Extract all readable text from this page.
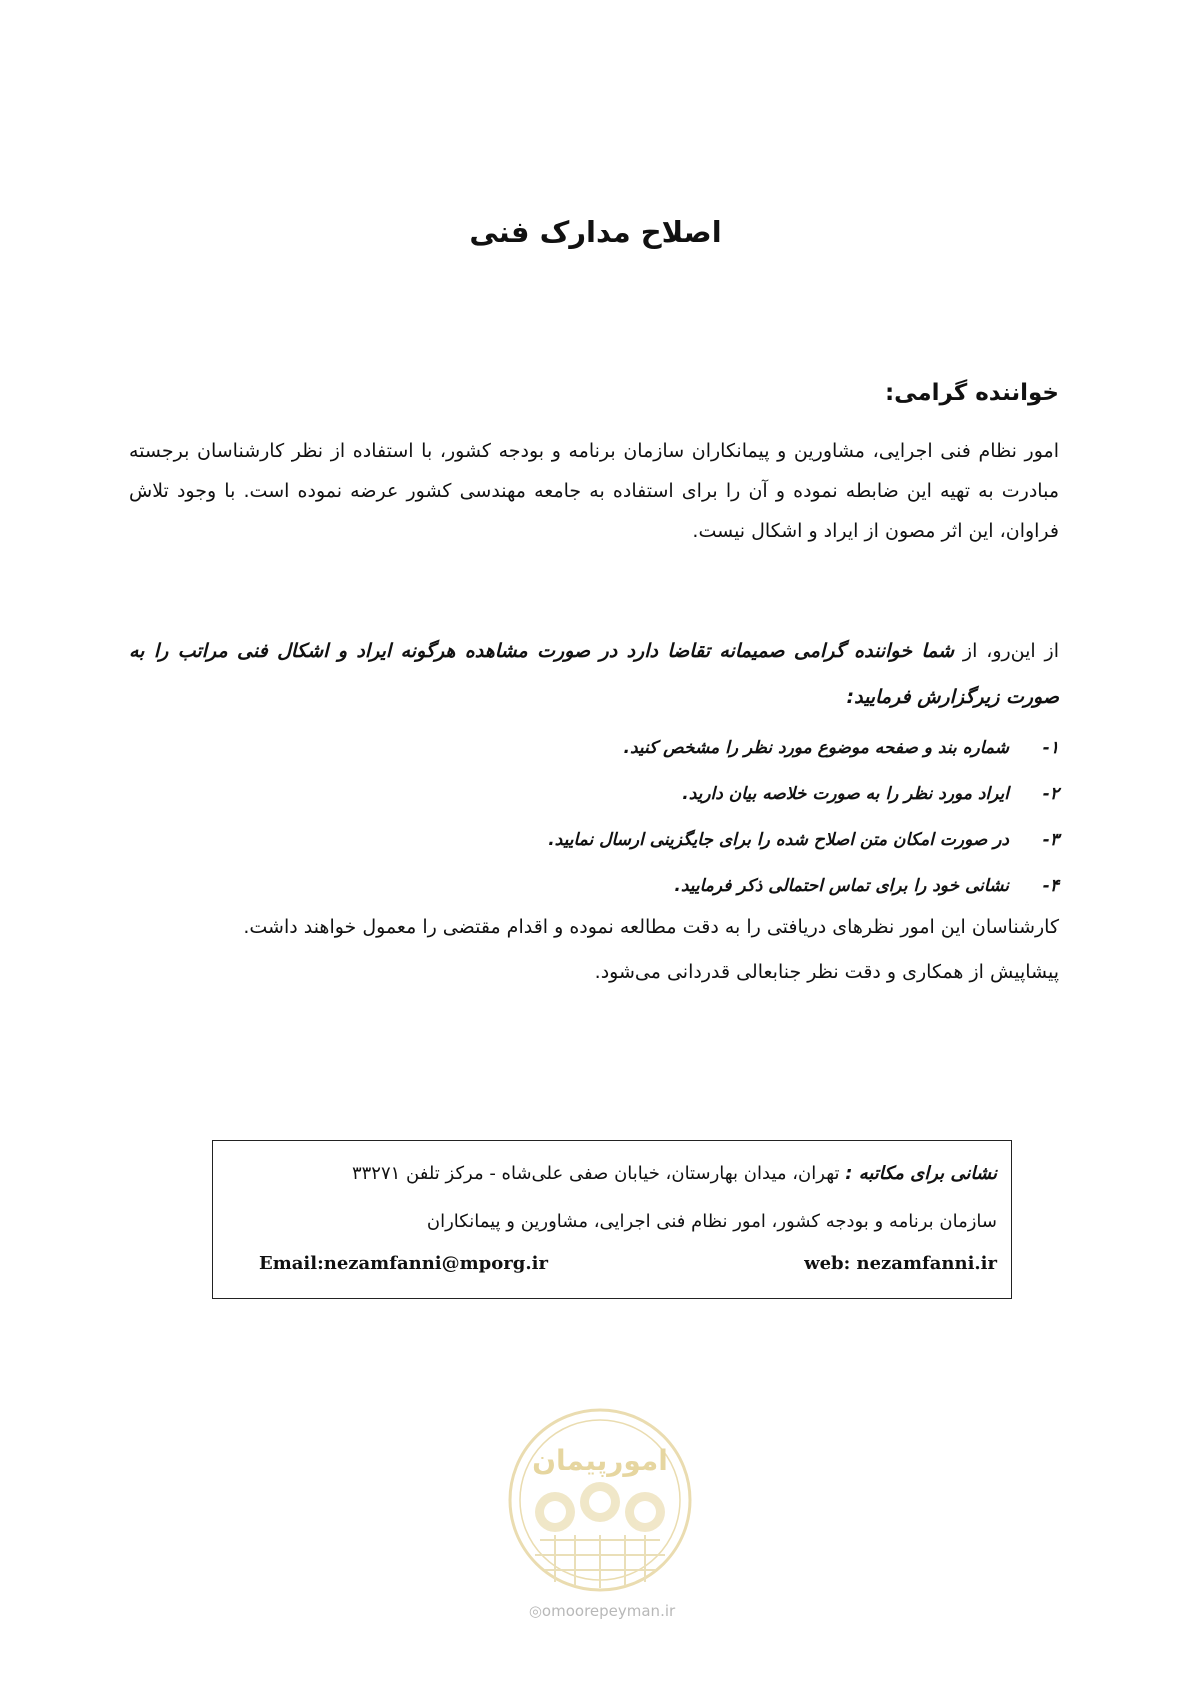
اصلاح مدارک فنی
خواننده گرامی:
امور نظام فنی اجرایی، مشاورین و پیمانکاران سازمان برنامه و بودجه کشور، با استفاده از نظر کارشناسان برجسته مبادرت به تهیه این ضابطه نموده و آن را برای استفاده به جامعه مهندسی کشور عرضه نموده است. با وجود تلاش فراوان، این اثر مصون از ایراد و اشکال نیست.
از این‌رو، از شما خواننده گرامی صمیمانه تقاضا دارد در صورت مشاهده هرگونه ایراد و اشکال فنی مراتب را به صورت زیرگزارش فرمایید:
۱-شماره بند و صفحه موضوع مورد نظر را مشخص کنید.
۲-ایراد مورد نظر را به صورت خلاصه بیان دارید.
۳-در صورت امکان متن اصلاح شده را برای جایگزینی ارسال نمایید.
۴-نشانی خود را برای تماس احتمالی ذکر فرمایید.
کارشناسان این امور نظرهای دریافتی را به دقت مطالعه نموده و اقدام مقتضی را معمول خواهند داشت.
پیشاپیش از همکاری و دقت نظر جنابعالی قدردانی می‌شود.
نشانی برای مکاتبه : تهران، میدان بهارستان، خیابان صفی علی‌شاه - مرکز تلفن ۳۳۲۷۱
سازمان برنامه و بودجه کشور، امور نظام فنی اجرایی، مشاورین و پیمانکاران
web: nezamfanni.ir
Email:nezamfanni@mporg.ir
امورپیمان
◎omoorepeyman.ir
